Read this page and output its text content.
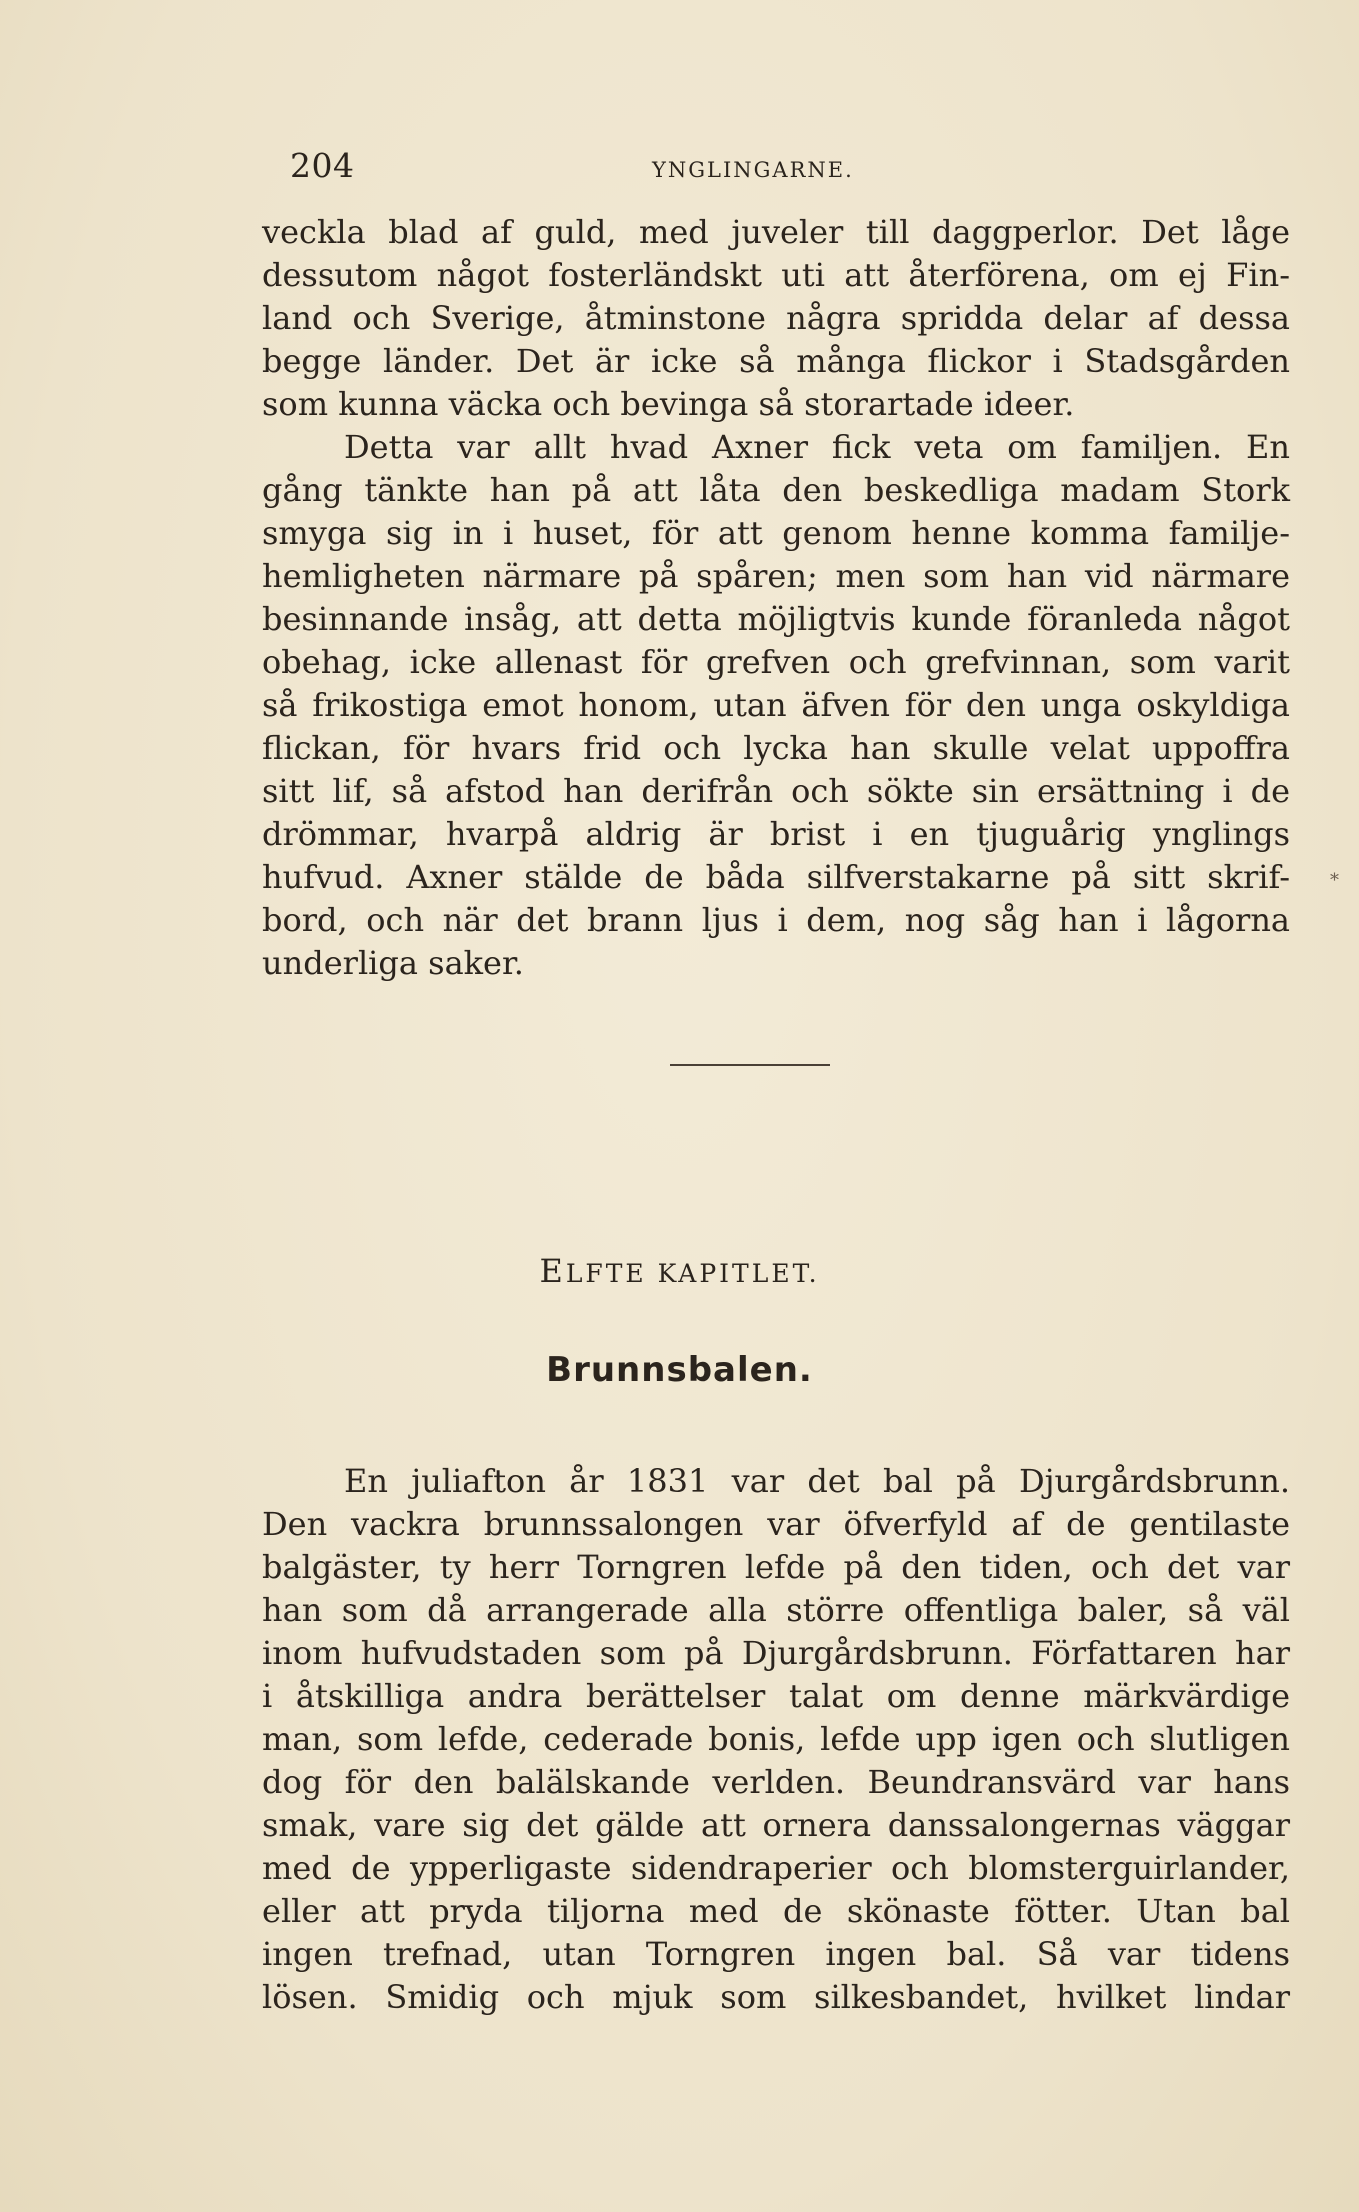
204	YNGLINGARNE.
veckla blad af guld, med juveler till daggperlor. Det låge
dessutom något fosterländskt uti att återförena, om ej Fin-
land och Sverige, åtminstone några spridda delar af dessa
begge länder. Det är icke så många flickor i Stadsgården
som kunna väcka och bevinga så storartade ideer.
Detta var allt hvad Axner fick veta om familjen. En
gång tänkte han på att låta den beskedliga madam Stork
smyga sig in i huset, för att genom henne komma familje-
hemligheten närmare på spåren; men som han vid närmare
besinnande insåg, att detta möjligtvis kunde föranleda något
obehag, icke allenast för grefven och grefvinnan, som varit
så frikostiga emot honom, utan äfven för den unga oskyldiga
flickan, för hvars frid och lycka han skulle velat uppoffra
sitt lif, så afstod han derifrån och sökte sin ersättning i de
drömmar, hvarpå aldrig är brist i en tjuguårig ynglings
hufvud. Axner stälde de båda silfverstakarne på sitt skrif-
bord, och när det brann ljus i dem, nog såg han i lågorna
underliga saker.
ELFTE KAPITLET.
Brunnsbalen.
En juliafton år 1831 var det bal på Djurgårdsbrunn.
Den vackra brunnssalongen var öfverfyld af de gentilaste
balgäster, ty herr Torngren lefde på den tiden, och det var
han som då arrangerade alla större offentliga baler, så väl
inom hufvudstaden som på Djurgårdsbrunn. Författaren har
i åtskilliga andra berättelser talat om denne märkvärdige
man, som lefde, cederade bonis, lefde upp igen och slutligen
dog för den balälskande verlden. Beundransvärd var hans
smak, vare sig det gälde att ornera danssalongernas väggar
med de ypperligaste sidendraperier och blomsterguirlander,
eller att pryda tiljorna med de skönaste fötter. Utan bal
ingen trefnad, utan Torngren ingen bal. Så var tidens
lösen. Smidig och mjuk som silkesbandet, hvilket lindar
*
